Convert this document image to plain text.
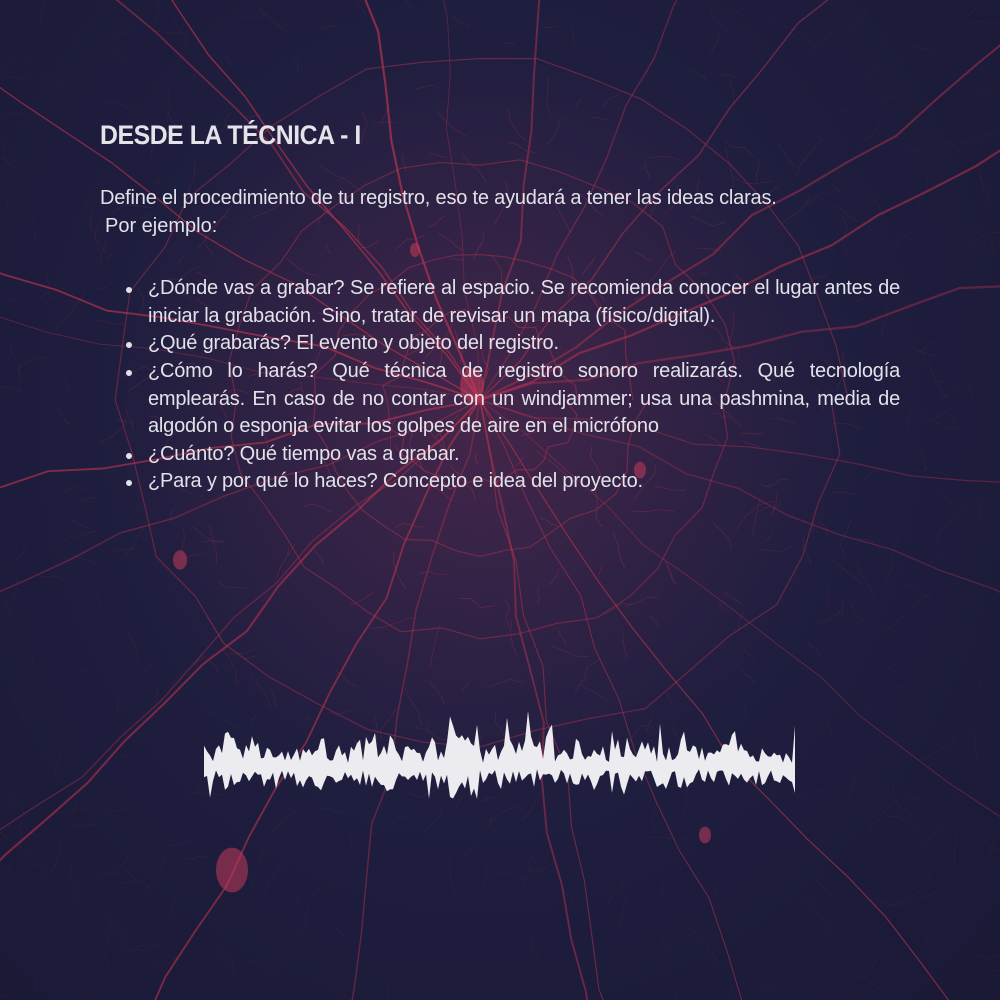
DESDE LA TÉCNICA - I

Define el procedimiento de tu registro, eso te ayudará a tener las ideas claras.

Por ejemplo:

¿Dónde vas a grabar? Se refiere al espacio. Se recomienda conocer el lugar antes de iniciar la grabación. Sino, tratar de revisar un mapa (físico/digital).
¿Qué grabarás? El evento y objeto del registro.
¿Cómo lo harás? Qué técnica de registro sonoro realizarás. Qué tecnología emplearás. En caso de no contar con un windjammer; usa una pashmina, media de algodón o esponja evitar los golpes de aire en el micrófono
¿Cuánto? Qué tiempo vas a grabar.
¿Para y por qué lo haces? Concepto e idea del proyecto.
